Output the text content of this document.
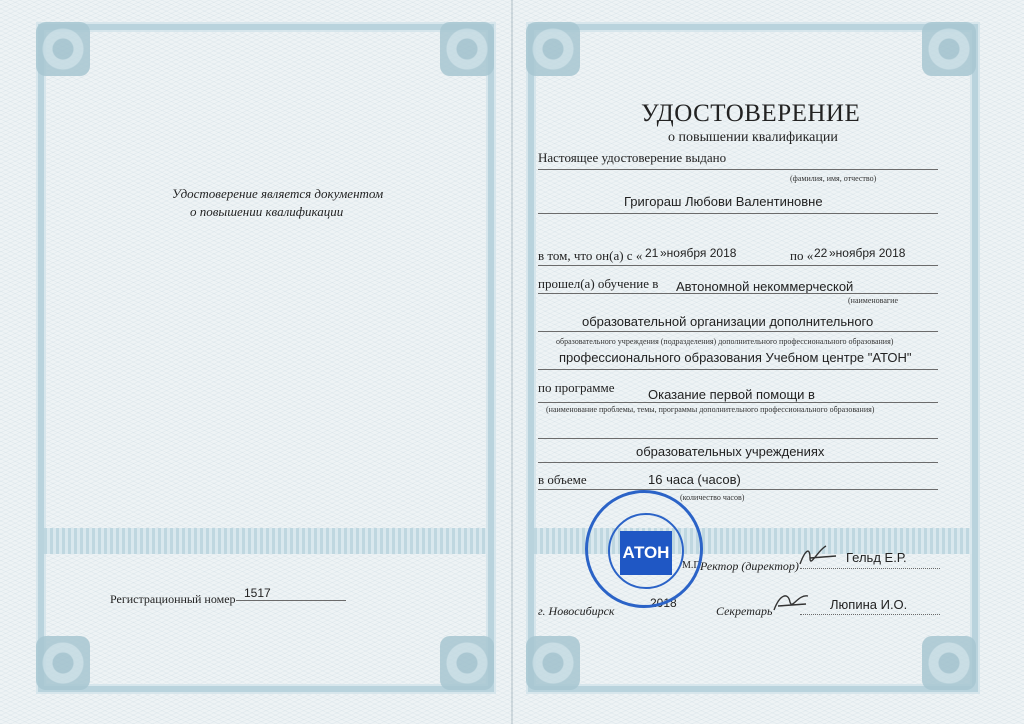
Удостоверение является документом
о повышении квалификации
Регистрационный номер 1517
УДОСТОВЕРЕНИЕ
о повышении квалификации
Настоящее удостоверение выдано
(фамилия, имя, отчество)
Григораш Любови Валентиновне
в том, что он(а) с « 21 »ноября 2018	по « 22 »ноября 2018
прошел(а) обучение в Автономной некоммерческой
(наименовагие
образовательной организации дополнительного
образовательного учреждения (подразделения) дополнительного профессионального образования)
профессионального образования Учебном центре "АТОН"
по программе	Оказание первой помощи в
(наименование проблемы, темы, программы дополнительного профессионального образования)
образовательных учреждениях
в объеме	16 часа (часов)
(количество часов)
М.П.
Ректор (директор)
Гельд Е.Р.
г. Новосибирск
2018
Секретарь	Люпина И.О.
АТОН
